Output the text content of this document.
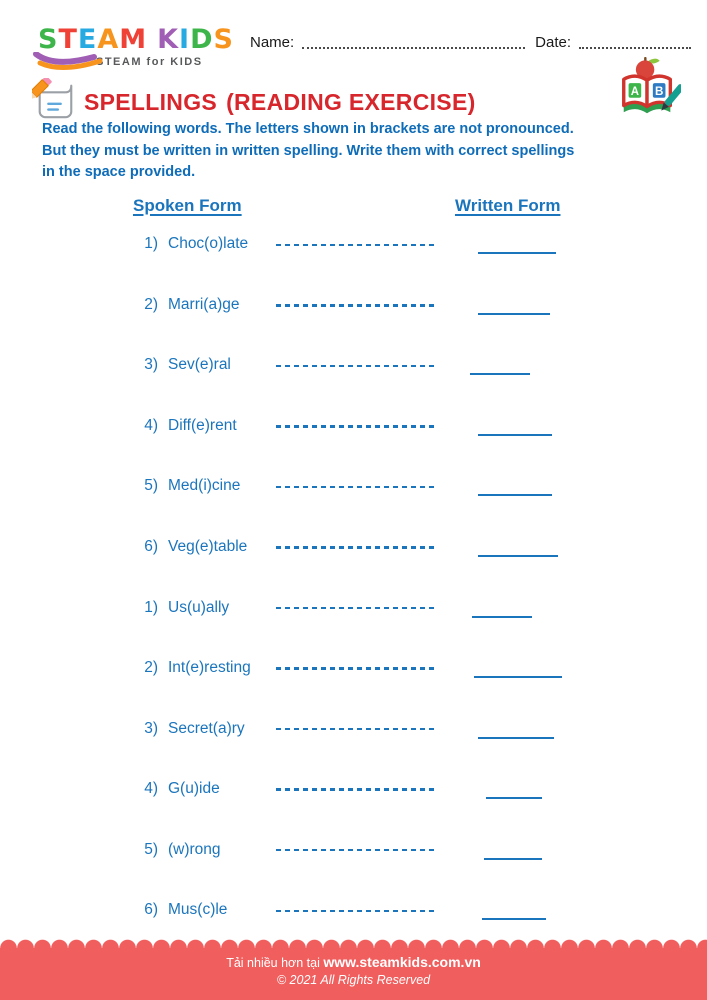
STEAM KIDS
STEAM for KIDS
Name:	Date:
A B
SPELLINGS (READING EXERCISE)

Read the following words. The letters shown in brackets are not pronounced.
But they must be written in written spelling. Write them with correct spellings
in the space provided.

Spoken Form	Written Form
1) Choc(o)late
2) Marri(a)ge
3) Sev(e)ral
4) Diff(e)rent
5) Med(i)cine
6) Veg(e)table
1) Us(u)ally
2) Int(e)resting
3) Secret(a)ry
4) G(u)ide
5) (w)rong
6) Mus(c)le
Tải nhiều hơn tại www.steamkids.com.vn
© 2021 All Rights Reserved
